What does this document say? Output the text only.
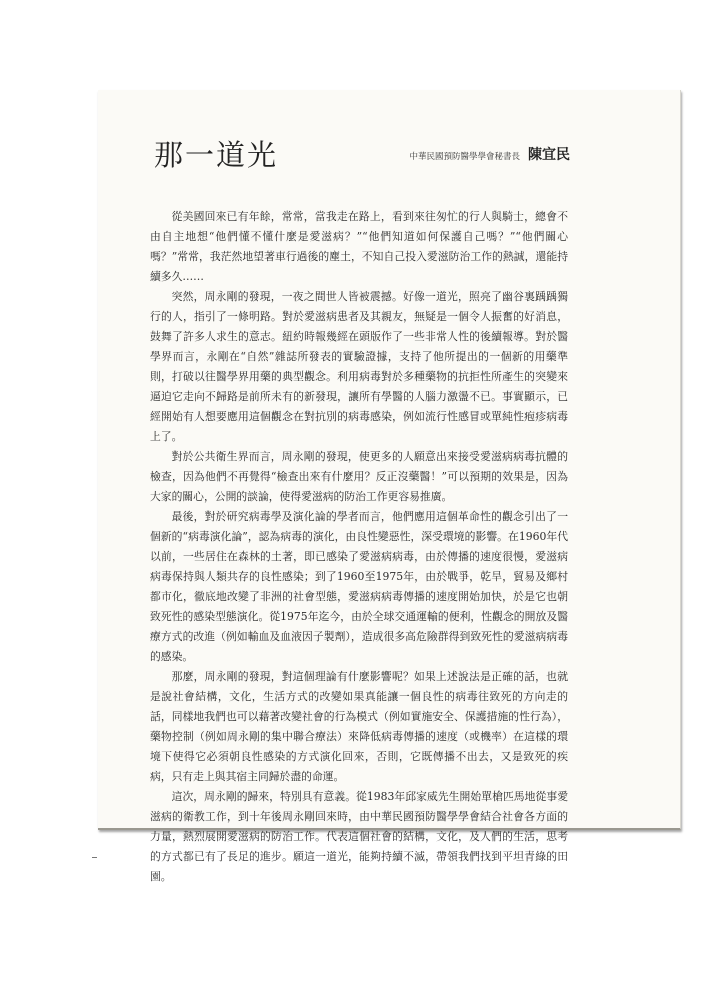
那一道光	中華民國預防醫學學會秘書長 陳宜民

從美國回來已有年餘，常常，當我走在路上，看到來往匆忙的行人與騎士，總會不由自主地想“他們懂不懂什麼是愛滋病？”“他們知道如何保護自己嗎？”“他們關心嗎？”常常，我茫然地望著車行過後的塵土，不知自己投入愛滋防治工作的熱誠，還能持續多久……

突然，周永剛的發現，一夜之間世人皆被震撼。好像一道光，照亮了幽谷裏踽踽獨行的人，指引了一條明路。對於愛滋病患者及其親友，無疑是一個令人振奮的好消息，鼓舞了許多人求生的意志。紐約時報幾經在頭版作了一些非常人性的後續報導。對於醫學界而言，永剛在“自然”雜誌所發表的實驗證據，支持了他所提出的一個新的用藥準則，打破以往醫學界用藥的典型觀念。利用病毒對於多種藥物的抗拒性所產生的突變來逼迫它走向不歸路是前所未有的新發現，讓所有學醫的人腦力激盪不已。事實顯示，已經開始有人想要應用這個觀念在對抗別的病毒感染，例如流行性感冒或單純性疱疹病毒上了。

對於公共衛生界而言，周永剛的發現，使更多的人願意出來接受愛滋病病毒抗體的檢查，因為他們不再覺得“檢查出來有什麼用？反正沒藥醫！”可以預期的效果是，因為大家的關心，公開的談論，使得愛滋病的防治工作更容易推廣。

最後，對於研究病毒學及演化論的學者而言，他們應用這個革命性的觀念引出了一個新的“病毒演化論”，認為病毒的演化，由良性變惡性，深受環境的影響。在1960年代以前，一些居住在森林的土著，即已感染了愛滋病病毒，由於傳播的速度很慢，愛滋病病毒保持與人類共存的良性感染；到了1960至1975年，由於戰爭，乾旱，貿易及鄉村都市化，徹底地改變了非洲的社會型態，愛滋病病毒傳播的速度開始加快，於是它也朝致死性的感染型態演化。從1975年迄今，由於全球交通運輸的便利，性觀念的開放及醫療方式的改進（例如輸血及血液因子製劑），造成很多高危險群得到致死性的愛滋病病毒的感染。

那麼，周永剛的發現，對這個理論有什麼影響呢？如果上述說法是正確的話，也就是說社會結構，文化，生活方式的改變如果真能讓一個良性的病毒往致死的方向走的話，同樣地我們也可以藉著改變社會的行為模式（例如實施安全、保護措施的性行為），藥物控制（例如周永剛的集中聯合療法）來降低病毒傳播的速度（或機率）在這樣的環境下使得它必須朝良性感染的方式演化回來，否則，它既傳播不出去，又是致死的疾病，只有走上與其宿主同歸於盡的命運。

這次，周永剛的歸來，特別具有意義。從1983年邱家威先生開始單槍匹馬地從事愛滋病的衛教工作，到十年後周永剛回來時，由中華民國預防醫學學會結合社會各方面的力量，熱烈展開愛滋病的防治工作。代表這個社會的結構，文化，及人們的生活，思考的方式都已有了長足的進步。願這一道光，能夠持續不滅，帶領我們找到平坦青綠的田園。
